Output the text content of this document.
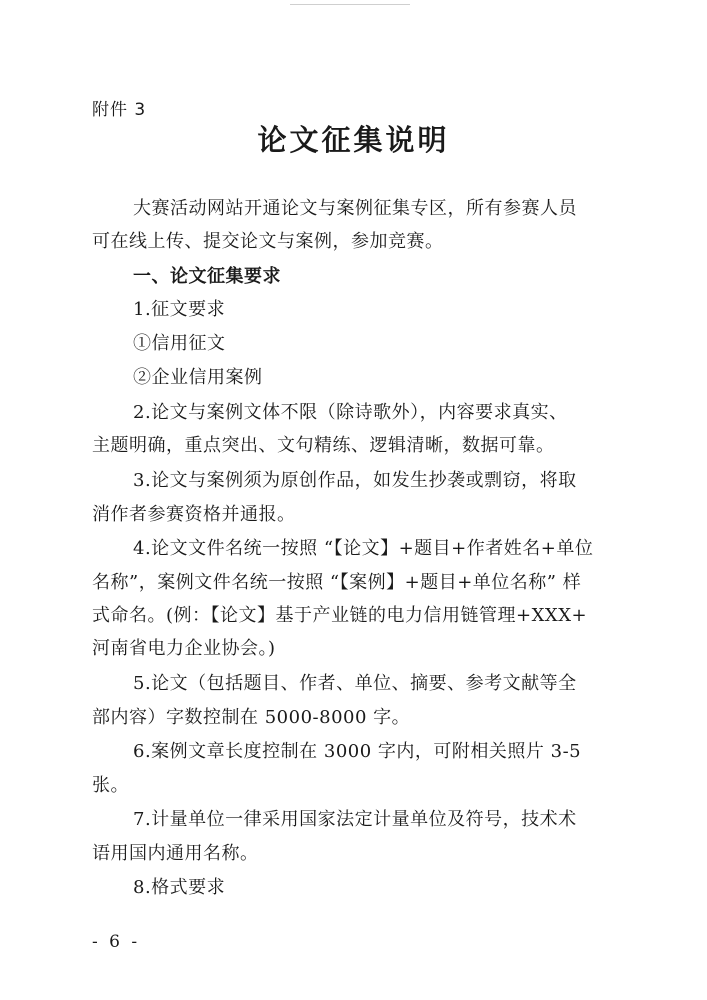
附件 3
论文征集说明
大赛活动网站开通论文与案例征集专区，所有参赛人员
可在线上传、提交论文与案例，参加竞赛。
一、论文征集要求
1.征文要求
①信用征文
②企业信用案例
2.论文与案例文体不限（除诗歌外），内容要求真实、
主题明确，重点突出、文句精练、逻辑清晰，数据可靠。
3.论文与案例须为原创作品，如发生抄袭或剽窃，将取
消作者参赛资格并通报。
4.论文文件名统一按照 “【论文】+题目+作者姓名+单位
名称”，案例文件名统一按照 “【案例】+题目+单位名称” 样
式命名。(例：【论文】基于产业链的电力信用链管理+XXX+
河南省电力企业协会。)
5.论文（包括题目、作者、单位、摘要、参考文献等全
部内容）字数控制在 5000-8000 字。
6.案例文章长度控制在 3000 字内，可附相关照片 3-5
张。
7.计量单位一律采用国家法定计量单位及符号，技术术
语用国内通用名称。
8.格式要求
- 6 -
